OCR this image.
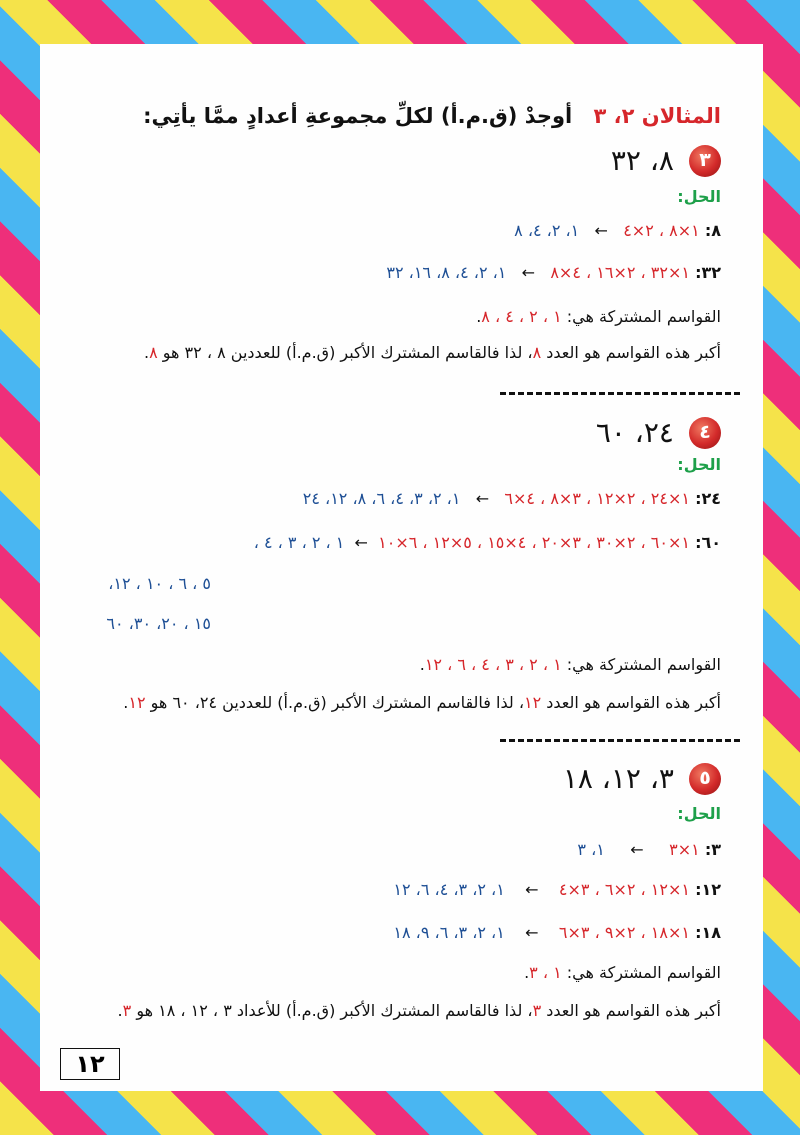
المثالان ٢، ٣ أوجدْ (ق.م.أ) لكلِّ مجموعةِ أعدادٍ ممَّا يأتِي:
٣ ٨، ٣٢
الحل:
٨: ١×٨ ، ٢×٤   ←   ١، ٢، ٤، ٨
٣٢: ١×٣٢ ، ٢×١٦ ، ٤×٨   ←   ١، ٢، ٤، ٨، ١٦، ٣٢
القواسم المشتركة هي: ١ ، ٢ ، ٤ ، ٨.
أكبر هذه القواسم هو العدد ٨، لذا فالقاسم المشترك الأكبر (ق.م.أ) للعددين ٨ ، ٣٢ هو ٨.
٤ ٢٤، ٦٠
الحل:
٢٤: ١×٢٤ ، ٢×١٢ ، ٣×٨ ، ٤×٦   ←   ١، ٢، ٣، ٤، ٦، ٨، ١٢، ٢٤
٦٠: ١×٦٠ ، ٢×٣٠ ، ٣×٢٠ ، ٤×١٥ ، ٥×١٢ ، ٦×١٠  ←  ١ ، ٢ ، ٣ ، ٤ ،
٥ ، ٦ ، ١٠ ، ١٢،
١٥ ، ٢٠، ٣٠، ٦٠
القواسم المشتركة هي: ١ ، ٢ ، ٣ ، ٤ ، ٦ ، ١٢.
أكبر هذه القواسم هو العدد ١٢، لذا فالقاسم المشترك الأكبر (ق.م.أ) للعددين ٢٤، ٦٠ هو ١٢.
٥ ٣، ١٢، ١٨
الحل:
٣: ١×٣     ←     ١، ٣
١٢: ١×١٢ ، ٢×٦ ، ٣×٤    ←    ١، ٢، ٣، ٤، ٦، ١٢
١٨: ١×١٨ ، ٢×٩ ، ٣×٦    ←    ١، ٢، ٣، ٦، ٩، ١٨
القواسم المشتركة هي: ١ ، ٣.
أكبر هذه القواسم هو العدد ٣، لذا فالقاسم المشترك الأكبر (ق.م.أ) للأعداد ٣ ، ١٢ ، ١٨ هو ٣.
١٢
